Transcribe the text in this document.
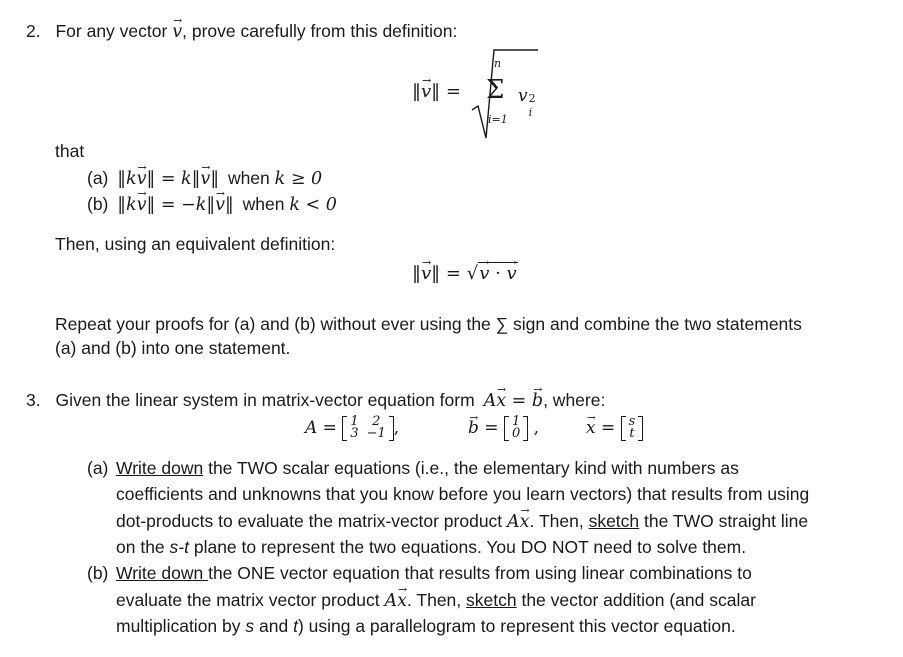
2. For any vector → v, prove carefully from this definition:
‖→ v‖ =
n
Σ
i=1
v 2
i
that
(a) ‖k→ v‖ = k‖→ v‖ when k ≥ 0
(b) ‖k→ v‖ = −k‖→ v‖ when k < 0
Then, using an equivalent definition:
‖→ v‖ = √→ v · → v
Repeat your proofs for (a) and (b) without ever using the ∑ sign and combine the two statements
(a) and (b) into one statement.
3. Given the linear system in matrix-vector equation form A→ x = → b, where:
A = 1	2
3	−1 ,	→ b = 1
0 ,	→ x = s
t
(a) Write down the TWO scalar equations (i.e., the elementary kind with numbers as
coefficients and unknowns that you know before you learn vectors) that results from using
dot-products to evaluate the matrix-vector product A→ x. Then, sketch the TWO straight line
on the s-t plane to represent the two equations. You DO NOT need to solve them.
(b) Write down the ONE vector equation that results from using linear combinations to
evaluate the matrix vector product A→ x. Then, sketch the vector addition (and scalar
multiplication by s and t) using a parallelogram to represent this vector equation.
